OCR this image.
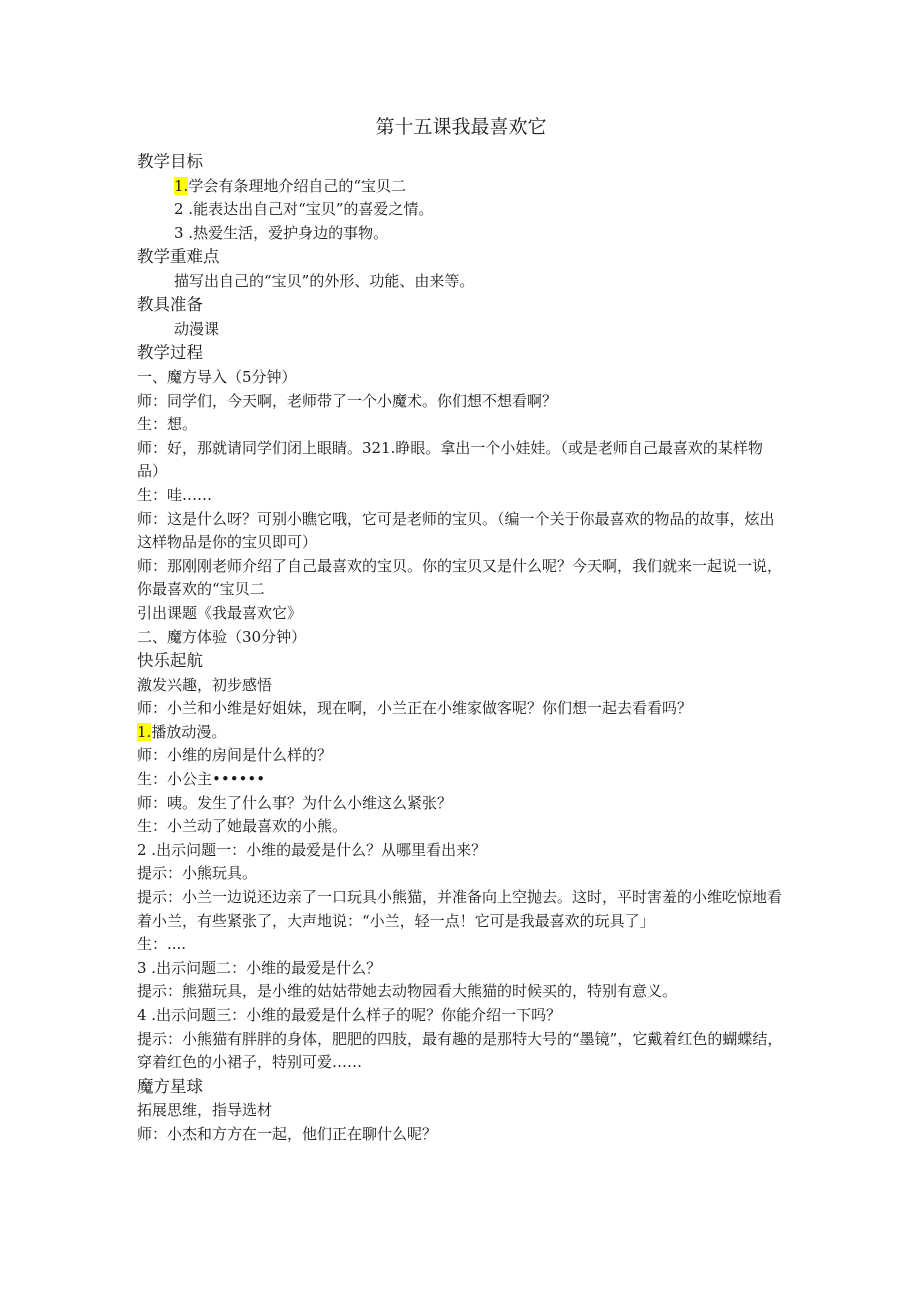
第十五课我最喜欢它

教学目标

1.学会有条理地介绍自己的“宝贝二

2 .能表达出自己对“宝贝”的喜爱之情。

3 .热爱生活，爱护身边的事物。

教学重难点

描写出自己的“宝贝”的外形、功能、由来等。

教具准备

动漫课

教学过程

一、魔方导入（5分钟）

师：同学们，今天啊，老师带了一个小魔术。你们想不想看啊？

生：想。

师：好，那就请同学们闭上眼睛。321.睁眼。拿出一个小娃娃。（或是老师自己最喜欢的某样物品）

生：哇……

师：这是什么呀？可别小瞧它哦，它可是老师的宝贝。（编一个关于你最喜欢的物品的故事，炫出这样物品是你的宝贝即可）

师：那刚刚老师介绍了自己最喜欢的宝贝。你的宝贝又是什么呢？今天啊，我们就来一起说一说，你最喜欢的“宝贝二

引出课题《我最喜欢它》

二、魔方体验（30分钟）

快乐起航

激发兴趣，初步感悟

师：小兰和小维是好姐妹，现在啊，小兰正在小维家做客呢？你们想一起去看看吗？

1.播放动漫。

师：小维的房间是什么样的？

生：小公主••••••

师：咦。发生了什么事？为什么小维这么紧张？

生：小兰动了她最喜欢的小熊。

2 .出示问题一：小维的最爱是什么？从哪里看出来？

提示：小熊玩具。

提示：小兰一边说还边亲了一口玩具小熊猫，并准备向上空抛去。这时，平时害羞的小维吃惊地看着小兰，有些紧张了，大声地说：“小兰，轻一点！它可是我最喜欢的玩具了」

生：....

3 .出示问题二：小维的最爱是什么？

提示：熊猫玩具，是小维的姑姑带她去动物园看大熊猫的时候买的，特别有意义。

4 .出示问题三：小维的最爱是什么样子的呢？你能介绍一下吗？

提示：小熊猫有胖胖的身体，肥肥的四肢，最有趣的是那特大号的“墨镜”，它戴着红色的蝴蝶结，穿着红色的小裙子，特别可爱……

魔方星球

拓展思维，指导选材

师：小杰和方方在一起，他们正在聊什么呢？
